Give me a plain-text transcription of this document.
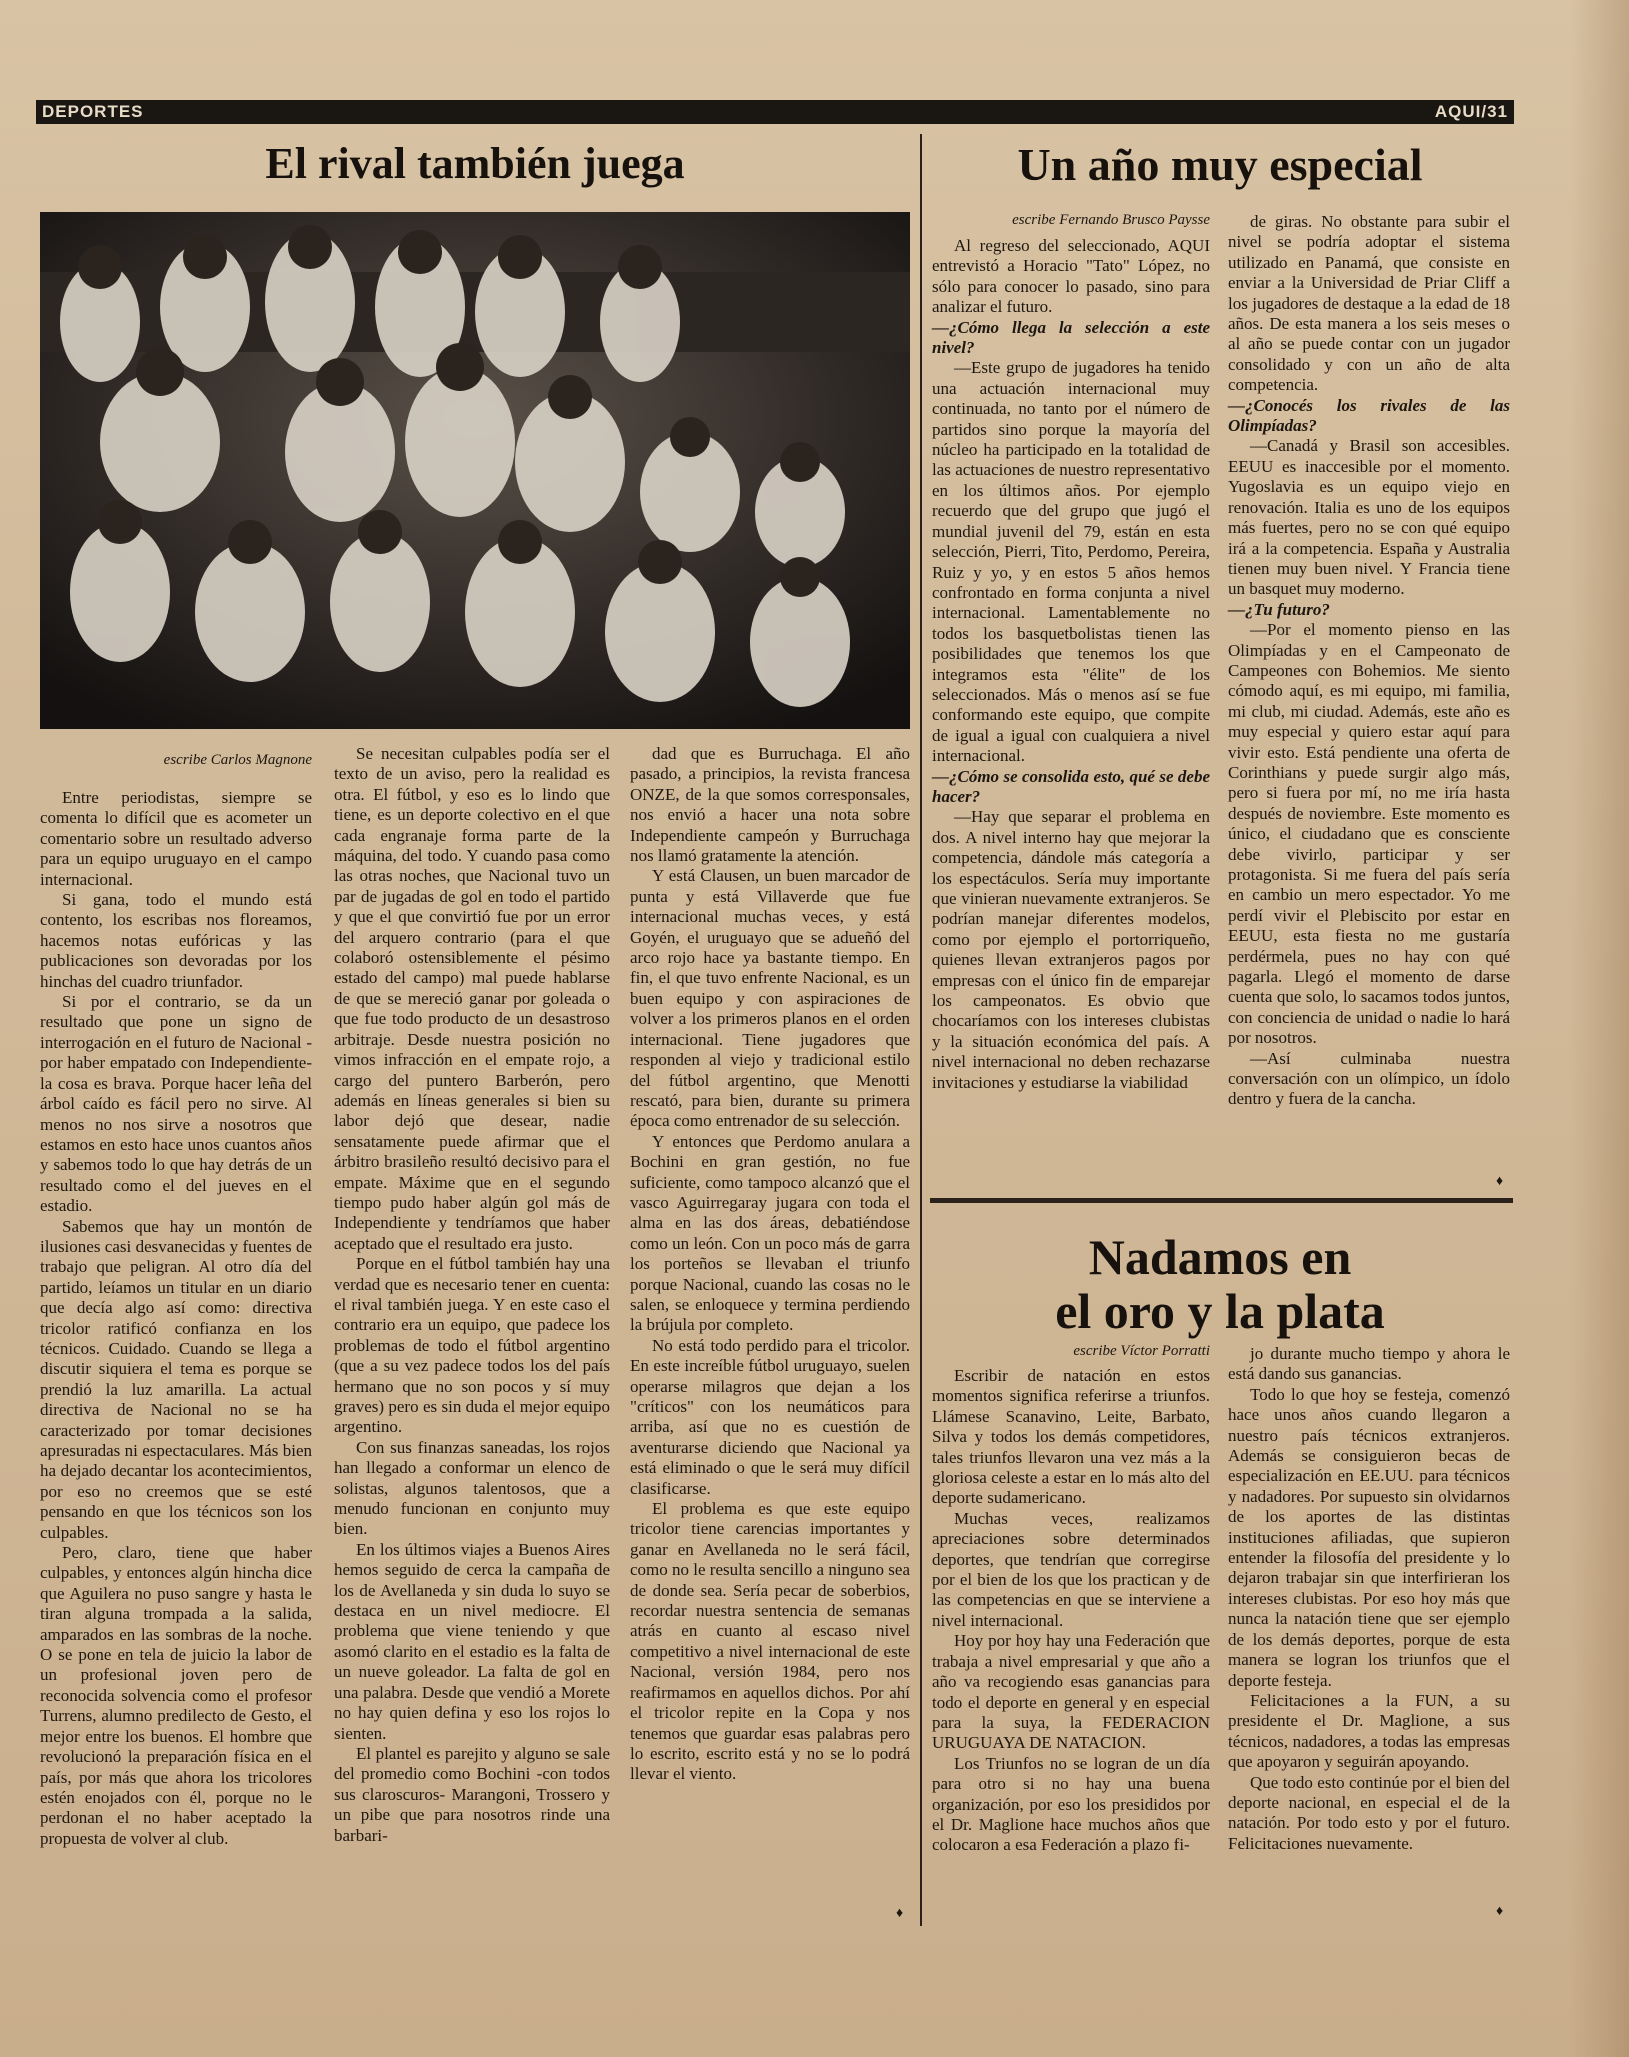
DEPORTES	AQUI/31
El rival también juega
escribe Carlos Magnone

Entre periodistas, siempre se comenta lo difícil que es acometer un comentario sobre un resultado adverso para un equipo uruguayo en el campo internacional.

Si gana, todo el mundo está contento, los escribas nos floreamos, hacemos notas eufóricas y las publicaciones son devoradas por los hinchas del cuadro triunfador.

Si por el contrario, se da un resultado que pone un signo de interrogación en el futuro de Nacional -por haber empatado con Independiente- la cosa es brava. Porque hacer leña del árbol caído es fácil pero no sirve. Al menos no nos sirve a nosotros que estamos en esto hace unos cuantos años y sabemos todo lo que hay detrás de un resultado como el del jueves en el estadio.

Sabemos que hay un montón de ilusiones casi desvanecidas y fuentes de trabajo que peligran. Al otro día del partido, leíamos un titular en un diario que decía algo así como: directiva tricolor ratificó confianza en los técnicos. Cuidado. Cuando se llega a discutir siquiera el tema es porque se prendió la luz amarilla. La actual directiva de Nacional no se ha caracterizado por tomar decisiones apresuradas ni espectaculares. Más bien ha dejado decantar los acontecimientos, por eso no creemos que se esté pensando en que los técnicos son los culpables.

Pero, claro, tiene que haber culpables, y entonces algún hincha dice que Aguilera no puso sangre y hasta le tiran alguna trompada a la salida, amparados en las sombras de la noche. O se pone en tela de juicio la labor de un profesional joven pero de reconocida solvencia como el profesor Turrens, alumno predilecto de Gesto, el mejor entre los buenos. El hombre que revolucionó la preparación física en el país, por más que ahora los tricolores estén enojados con él, porque no le perdonan el no haber aceptado la propuesta de volver al club.

Se necesitan culpables podía ser el texto de un aviso, pero la realidad es otra. El fútbol, y eso es lo lindo que tiene, es un deporte colectivo en el que cada engranaje forma parte de la máquina, del todo. Y cuando pasa como las otras noches, que Nacional tuvo un par de jugadas de gol en todo el partido y que el que convirtió fue por un error del arquero contrario (para el que colaboró ostensiblemente el pésimo estado del campo) mal puede hablarse de que se mereció ganar por goleada o que fue todo producto de un desastroso arbitraje. Desde nuestra posición no vimos infracción en el empate rojo, a cargo del puntero Barberón, pero además en líneas generales si bien su labor dejó que desear, nadie sensatamente puede afirmar que el árbitro brasileño resultó decisivo para el empate. Máxime que en el segundo tiempo pudo haber algún gol más de Independiente y tendríamos que haber aceptado que el resultado era justo.

Porque en el fútbol también hay una verdad que es necesario tener en cuenta: el rival también juega. Y en este caso el contrario era un equipo, que padece los problemas de todo el fútbol argentino (que a su vez padece todos los del país hermano que no son pocos y sí muy graves) pero es sin duda el mejor equipo argentino.

Con sus finanzas saneadas, los rojos han llegado a conformar un elenco de solistas, algunos talentosos, que a menudo funcionan en conjunto muy bien.

En los últimos viajes a Buenos Aires hemos seguido de cerca la campaña de los de Avellaneda y sin duda lo suyo se destaca en un nivel mediocre. El problema que viene teniendo y que asomó claritо en el estadio es la falta de un nueve goleador. La falta de gol en una palabra. Desde que vendió a Morete no hay quien defina y eso los rojos lo sienten.

El plantel es parejito y alguno se sale del promedio como Bochini -con todos sus claroscuros- Marangoni, Trossero y un pibe que para nosotros rinde una barbari-

dad que es Burruchaga. El año pasado, a principios, la revista francesa ONZE, de la que somos corresponsales, nos envió a hacer una nota sobre Independiente campeón y Burruchaga nos llamó gratamente la atención.

Y está Clausen, un buen marcador de punta y está Villaverde que fue internacional muchas veces, y está Goyén, el uruguayo que se adueñó del arco rojo hace ya bastante tiempo. En fin, el que tuvo enfrente Nacional, es un buen equipo y con aspiraciones de volver a los primeros planos en el orden internacional. Tiene jugadores que responden al viejo y tradicional estilo del fútbol argentino, que Menotti rescató, para bien, durante su primera época como entrenador de su selección.

Y entonces que Perdomo anulara a Bochini en gran gestión, no fue suficiente, como tampoco alcanzó que el vasco Aguirregaray jugara con toda el alma en las dos áreas, debatiéndose como un león. Con un poco más de garra los porteños se llevaban el triunfo porque Nacional, cuando las cosas no le salen, se enloquece y termina perdiendo la brújula por completo.

No está todo perdido para el tricolor. En este increíble fútbol uruguayo, suelen operarse milagros que dejan a los "críticos" con los neumáticos para arriba, así que no es cuestión de aventurarse diciendo que Nacional ya está eliminado o que le será muy difícil clasificarse.

El problema es que este equipo tricolor tiene carencias importantes y ganar en Avellaneda no le será fácil, como no le resulta sencillo a ninguno sea de donde sea. Sería pecar de soberbios, recordar nuestra sentencia de semanas atrás en cuanto al escaso nivel competitivo a nivel internacional de este Nacional, versión 1984, pero nos reafirmamos en aquellos dichos. Por ahí el tricolor repite en la Copa y nos tenemos que guardar esas palabras pero lo escrito, escrito está y no se lo podrá llevar el viento.

♦
Un año muy especial
escribe Fernando Brusco Paysse

Al regreso del seleccionado, AQUI entrevistó a Horacio "Tato" López, no sólo para conocer lo pasado, sino para analizar el futuro.

—¿Cómo llega la selección a este nivel?

—Este grupo de jugadores ha tenido una actuación internacional muy continuada, no tanto por el número de partidos sino porque la mayoría del núcleo ha participado en la totalidad de las actuaciones de nuestro representativo en los últimos años. Por ejemplo recuerdo que del grupo que jugó el mundial juvenil del 79, están en esta selección, Pierri, Tito, Perdomo, Pereira, Ruiz y yo, y en estos 5 años hemos confrontado en forma conjunta a nivel internacional. Lamentablemente no todos los basquetbolistas tienen las posibilidades que tenemos los que integramos esta "élite" de los seleccionados. Más o menos así se fue conformando este equipo, que compite de igual a igual con cualquiera a nivel internacional.

—¿Cómo se consolida esto, qué se debe hacer?

—Hay que separar el problema en dos. A nivel interno hay que mejorar la competencia, dándole más categoría a los espectáculos. Sería muy importante que vinieran nuevamente extranjeros. Se podrían manejar diferentes modelos, como por ejemplo el portorriqueño, quienes llevan extranjeros pagos por empresas con el único fin de emparejar los campeonatos. Es obvio que chocaríamos con los intereses clubistas y la situación económica del país. A nivel internacional no deben rechazarse invitaciones y estudiarse la viabilidad

de giras. No obstante para subir el nivel se podría adoptar el sistema utilizado en Panamá, que consiste en enviar a la Universidad de Priar Cliff a los jugadores de destaque a la edad de 18 años. De esta manera a los seis meses o al año se puede contar con un jugador consolidado y con un año de alta competencia.

—¿Conocés los rivales de las Olimpíadas?

—Canadá y Brasil son accesibles. EEUU es inaccesible por el momento. Yugoslavia es un equipo viejo en renovación. Italia es uno de los equipos más fuertes, pero no se con qué equipo irá a la competencia. España y Australia tienen muy buen nivel. Y Francia tiene un basquet muy moderno.

—¿Tu futuro?

—Por el momento pienso en las Olimpíadas y en el Campeonato de Campeones con Bohemios. Me siento cómodo aquí, es mi equipo, mi familia, mi club, mi ciudad. Además, este año es muy especial y quiero estar aquí para vivir esto. Está pendiente una oferta de Corinthians y puede surgir algo más, pero si fuera por mí, no me iría hasta después de noviembre. Este momento es único, el ciudadano que es consciente debe vivirlo, participar y ser protagonista. Si me fuera del país sería en cambio un mero espectador. Yo me perdí vivir el Plebiscito por estar en EEUU, esta fiesta no me gustaría perdérmela, pues no hay con qué pagarla. Llegó el momento de darse cuenta que solo, lo sacamos todos juntos, con conciencia de unidad o nadie lo hará por nosotros.

—Así culminaba nuestra conversación con un olímpico, un ídolo dentro y fuera de la cancha.

♦
Nadamos en
el oro y la plata
escribe Víctor Porratti

Escribir de natación en estos momentos significa referirse a triunfos. Llámese Scanavino, Leite, Barbato, Silva y todos los demás competidores, tales triunfos llevaron una vez más a la gloriosa celeste a estar en lo más alto del deporte sudamericano.

Muchas veces, realizamos apreciaciones sobre determinados deportes, que tendrían que corregirse por el bien de los que los practican y de las competencias en que se interviene a nivel internacional.

Hoy por hoy hay una Federación que trabaja a nivel empresarial y que año a año va recogiendo esas ganancias para todo el deporte en general y en especial para la suya, la FEDERACION URUGUAYA DE NATACION.

Los Triunfos no se logran de un día para otro si no hay una buena organización, por eso los presididos por el Dr. Maglione hace muchos años que colocaron a esa Federación a plazo fi-

jo durante mucho tiempo y ahora le está dando sus ganancias.

Todo lo que hoy se festeja, comenzó hace unos años cuando llegaron a nuestro país técnicos extranjeros. Además se consiguieron becas de especialización en EE.UU. para técnicos y nadadores. Por supuesto sin olvidarnos de los aportes de las distintas instituciones afiliadas, que supieron entender la filosofía del presidente y lo dejaron trabajar sin que interfirieran los intereses clubistas. Por eso hoy más que nunca la natación tiene que ser ejemplo de los demás deportes, porque de esta manera se logran los triunfos que el deporte festeja.

Felicitaciones a la FUN, a su presidente el Dr. Maglione, a sus técnicos, nadadores, a todas las empresas que apoyaron y seguirán apoyando.

Que todo esto continúe por el bien del deporte nacional, en especial el de la natación. Por todo esto y por el futuro. Felicitaciones nuevamente.

♦
